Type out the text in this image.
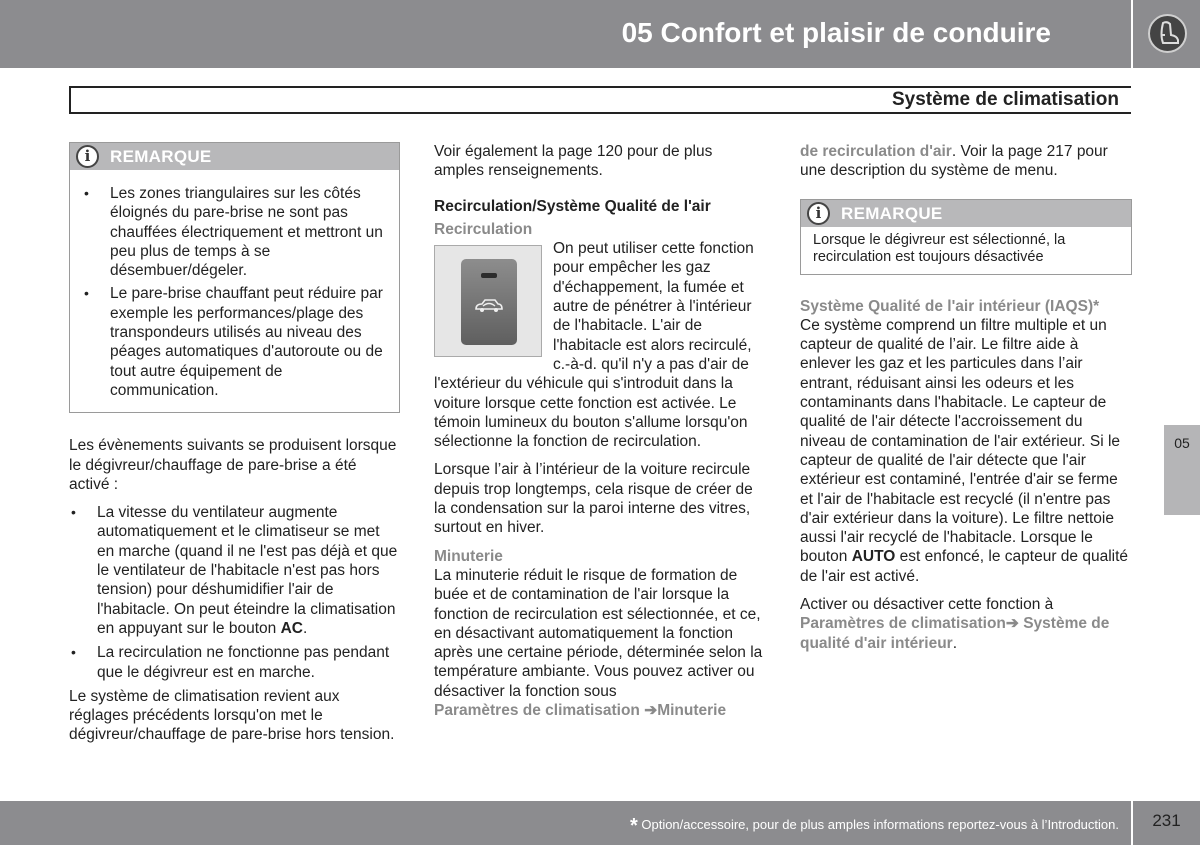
05 Confort et plaisir de conduire
Système de climatisation
05
i	REMARQUE
• Les zones triangulaires sur les côtés éloignés du pare-brise ne sont pas chauffées électriquement et mettront un peu plus de temps à se désembuer/dégeler.
• Le pare-brise chauffant peut réduire par exemple les performances/plage des transpondeurs utilisés au niveau des péages automatiques d'autoroute ou de tout autre équipement de communication.

Les évènements suivants se produisent lorsque le dégivreur/chauffage de pare-brise a été activé :

• La vitesse du ventilateur augmente automatiquement et le climatiseur se met en marche (quand il ne l'est pas déjà et que le ventilateur de l'habitacle n'est pas hors tension) pour déshumidifier l'air de l'habitacle. On peut éteindre la climatisation en appuyant sur le bouton AC.
• La recirculation ne fonctionne pas pendant que le dégivreur est en marche.

Le système de climatisation revient aux réglages précédents lorsqu'on met le dégivreur/chauffage de pare-brise hors tension.

Voir également la page 120 pour de plus amples renseignements.

Recirculation/Système Qualité de l'air
Recirculation

On peut utiliser cette fonction pour empêcher les gaz d'échappement, la fumée et autre de pénétrer à l'intérieur de l'habitacle. L'air de l'habitacle est alors recirculé, c.-à-d. qu'il n'y a pas d'air de l'extérieur du véhicule qui s'introduit dans la voiture lorsque cette fonction est activée. Le témoin lumineux du bouton s'allume lorsqu'on sélectionne la fonction de recirculation.

Lorsque l’air à l’intérieur de la voiture recircule depuis trop longtemps, cela risque de créer de la condensation sur la paroi interne des vitres, surtout en hiver.

Minuterie

La minuterie réduit le risque de formation de buée et de contamination de l'air lorsque la fonction de recirculation est sélectionnée, et ce, en désactivant automatiquement la fonction après une certaine période, déterminée selon la température ambiante. Vous pouvez activer ou désactiver la fonction sous

Paramètres de climatisation ➔Minuterie

de recirculation d'air. Voir la page 217 pour une description du système de menu.

i	REMARQUE
Lorsque le dégivreur est sélectionné, la recirculation est toujours désactivée
Système Qualité de l'air intérieur (IAQS)*

Ce système comprend un filtre multiple et un capteur de qualité de l’air. Le filtre aide à enlever les gaz et les particules dans l’air entrant, réduisant ainsi les odeurs et les contaminants dans l'habitacle. Le capteur de qualité de l'air détecte l'accroissement du niveau de contamination de l'air extérieur. Si le capteur de qualité de l'air détecte que l'air extérieur est contaminé, l'entrée d'air se ferme et l'air de l'habitacle est recyclé (il n'entre pas d'air extérieur dans la voiture). Le filtre nettoie aussi l'air recyclé de l'habitacle. Lorsque le bouton AUTO est enfoncé, le capteur de qualité de l'air est activé.

Activer ou désactiver cette fonction à

Paramètres de climatisation➔ Système de qualité d'air intérieur.
* Option/accessoire, pour de plus amples informations reportez-vous à l’Introduction.	231
